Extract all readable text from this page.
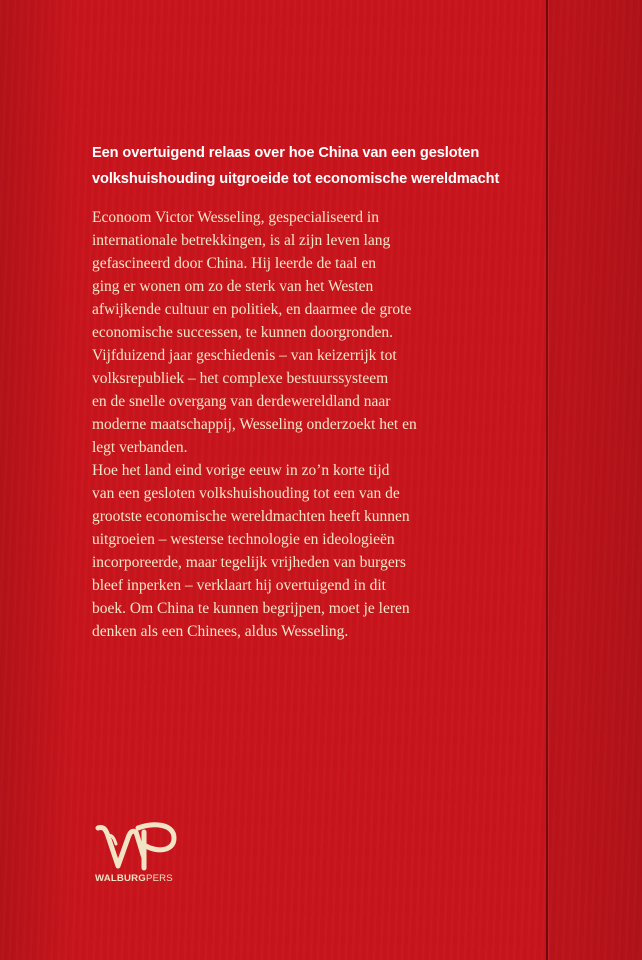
Een overtuigend relaas over hoe China van een gesloten
volkshuishouding uitgroeide tot economische wereldmacht

Econoom Victor Wesseling, gespecialiseerd in
internationale betrekkingen, is al zijn leven lang
gefascineerd door China. Hij leerde de taal en
ging er wonen om zo de sterk van het Westen
afwijkende cultuur en politiek, en daarmee de grote
economische successen, te kunnen doorgronden.
Vijfduizend jaar geschiedenis – van keizerrijk tot
volksrepubliek – het complexe bestuurssysteem
en de snelle overgang van derdewereldland naar
moderne maatschappij, Wesseling onderzoekt het en
legt verbanden.
Hoe het land eind vorige eeuw in zo’n korte tijd
van een gesloten volkshuishouding tot een van de
grootste economische wereldmachten heeft kunnen
uitgroeien – westerse technologie en ideologieën
incorporeerde, maar tegelijk vrijheden van burgers
bleef inperken – verklaart hij overtuigend in dit
boek. Om China te kunnen begrijpen, moet je leren
denken als een Chinees, aldus Wesseling.

WALBURGPERS
